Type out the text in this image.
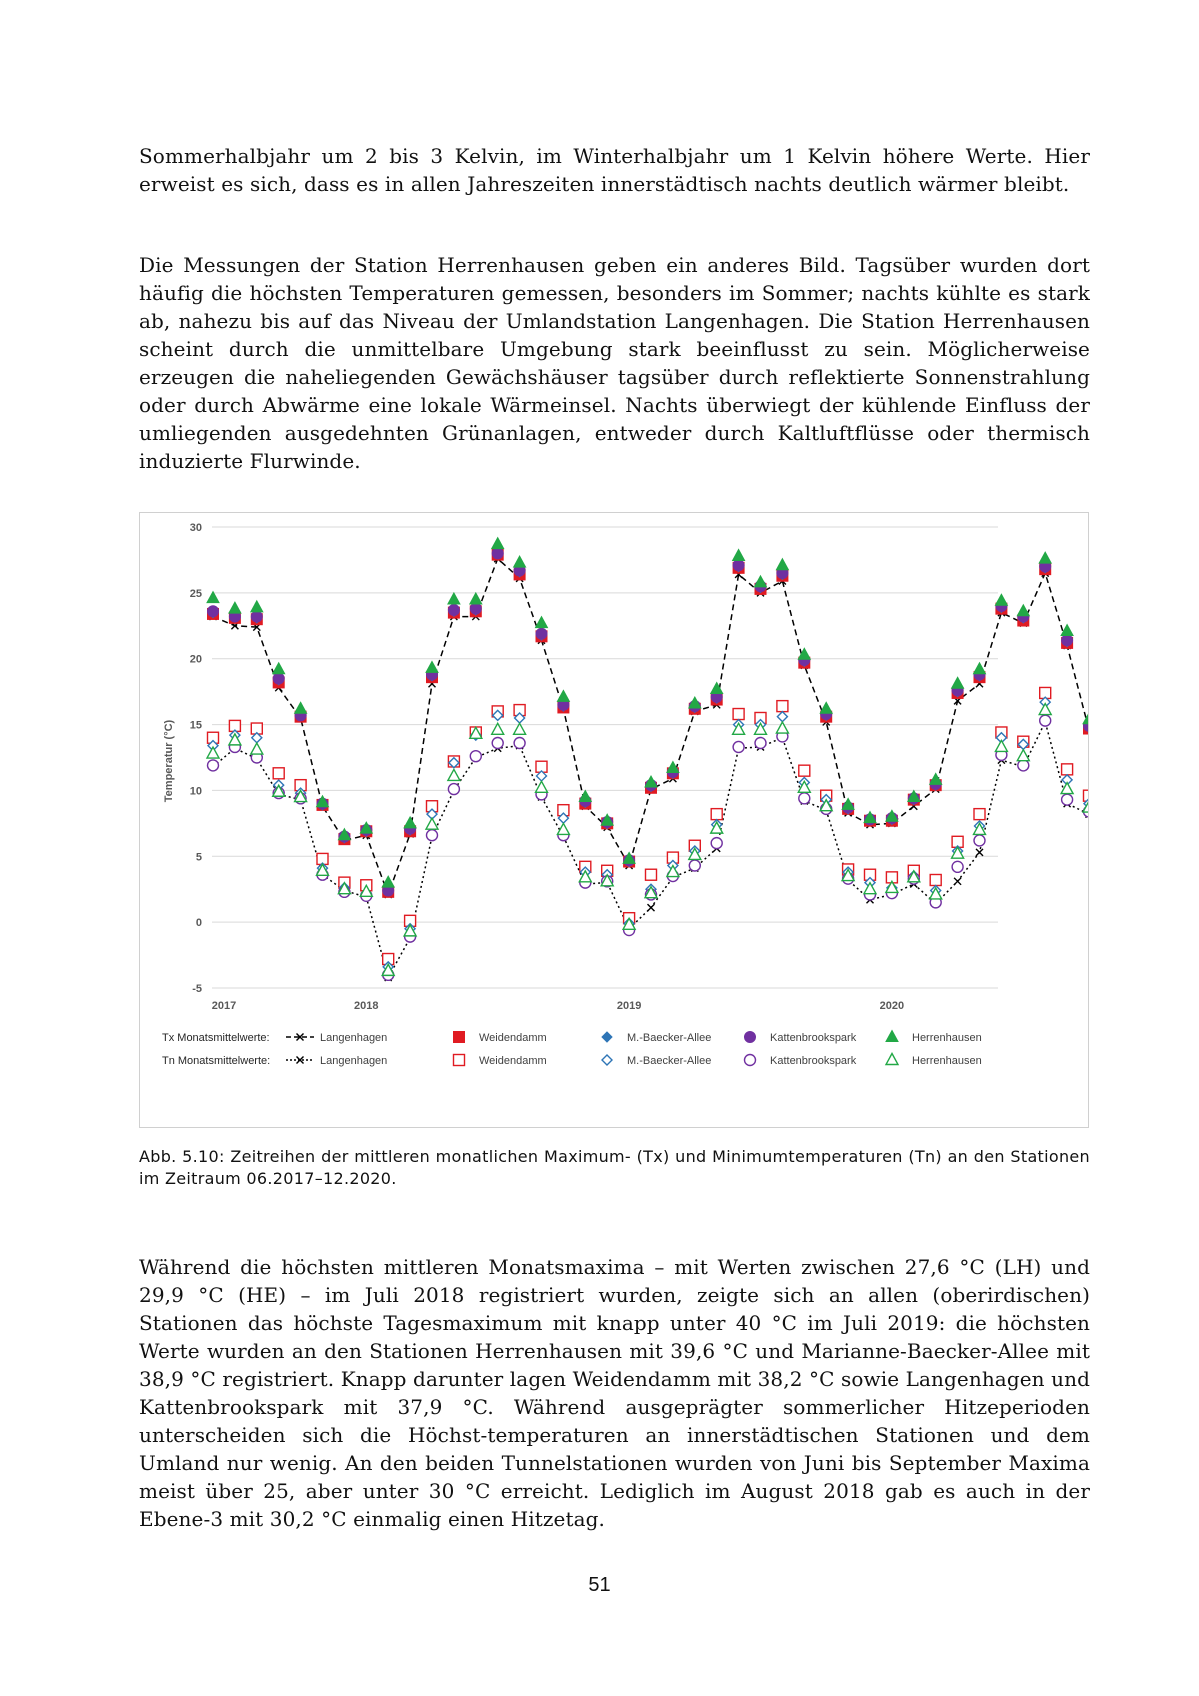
Sommerhalbjahr um 2 bis 3 Kelvin, im Winterhalbjahr um 1 Kelvin höhere Werte. Hier erweist es sich, dass es in allen Jahreszeiten innerstädtisch nachts deutlich wärmer bleibt.

Die Messungen der Station Herrenhausen geben ein anderes Bild. Tagsüber wurden dort häufig die höchsten Temperaturen gemessen, besonders im Sommer; nachts kühlte es stark ab, nahezu bis auf das Niveau der Umlandstation Langenhagen. Die Station Herrenhausen scheint durch die unmittelbare Umgebung stark beeinflusst zu sein. Möglicherweise erzeugen die naheliegenden Gewächshäuser tagsüber durch reflektierte Sonnenstrahlung oder durch Abwärme eine lokale Wärmeinsel. Nachts überwiegt der kühlende Einfluss der umliegenden ausgedehnten Grünanlagen, entweder durch Kaltluftflüsse oder thermisch induzierte Flurwinde.

30
25
20
15
10
5
0
-5
2017	2018	2019	2020
Temperatur (°C)
Tx Monatsmittelwerte:	Langenhagen	Weidendamm	M.-Baecker-Allee	Kattenbrookspark	Herrenhausen
Tn Monatsmittelwerte:	Langenhagen	Weidendamm	M.-Baecker-Allee	Kattenbrookspark	Herrenhausen

Abb. 5.10: Zeitreihen der mittleren monatlichen Maximum- (Tx) und Minimumtemperaturen (Tn) an den Stationen im Zeitraum 06.2017–12.2020.

Während die höchsten mittleren Monatsmaxima – mit Werten zwischen 27,6 °C (LH) und 29,9 °C (HE) – im Juli 2018 registriert wurden, zeigte sich an allen (oberirdischen) Stationen das höchste Tagesmaximum mit knapp unter 40 °C im Juli 2019: die höchsten Werte wurden an den Stationen Herrenhausen mit 39,6 °C und Marianne-Baecker-Allee mit 38,9 °C registriert. Knapp darunter lagen Weidendamm mit 38,2 °C sowie Langenhagen und Kattenbrookspark mit 37,9 °C. Während ausgeprägter sommerlicher Hitzeperioden unterscheiden sich die Höchst-temperaturen an innerstädtischen Stationen und dem Umland nur wenig. An den beiden Tunnelstationen wurden von Juni bis September Maxima meist über 25, aber unter 30 °C erreicht. Lediglich im August 2018 gab es auch in der Ebene-3 mit 30,2 °C einmalig einen Hitzetag.

51
